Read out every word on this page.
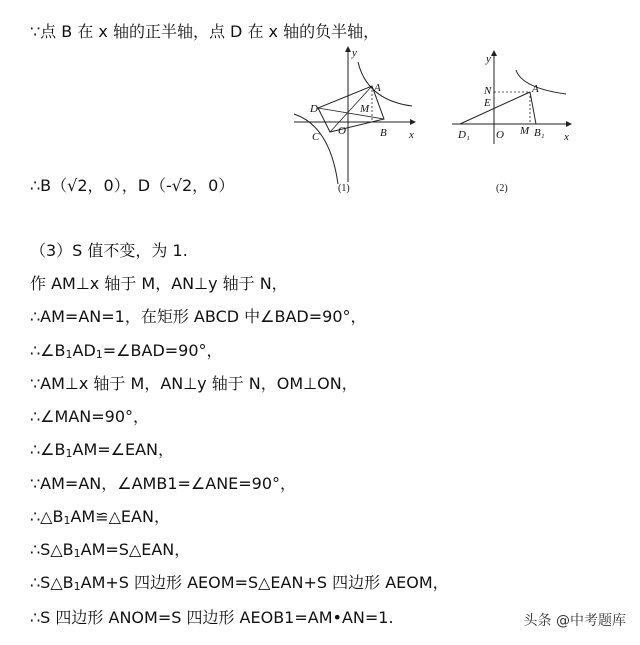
∵点 B 在 x 轴的正半轴，点 D 在 x 轴的负半轴，
y
x
D
A
M
O	B
C
(1)
y
x
N
E
A
D₁ O M B₁
(2)
∴B（√2，0），D（-√2，0）
（3）S 值不变，为 1.
作 AM⊥x 轴于 M，AN⊥y 轴于 N，
∴AM=AN=1，在矩形 ABCD 中∠BAD=90°，
$\therefore\angle B_1AD_1=\angle BAD=90^\circ$，
∵AM⊥x 轴于 M，AN⊥y 轴于 N，OM⊥ON，
∴∠MAN=90°，
$\therefore\angle B_1AM=\angle EAN$，
∵AM=AN，∠AMB1=∠ANE=90°，
$\therefore\triangle B_1AM≌\triangle EAN$，
$\therefore S\triangle B_1AM=S\triangle EAN$，
$\therefore S\triangle B_1AM+S$ 四边形 AEOM=S△EAN+S 四边形 AEOM，
∴S 四边形 ANOM=S 四边形 AEOB1=AM•AN=1.	头条 @中考题库
